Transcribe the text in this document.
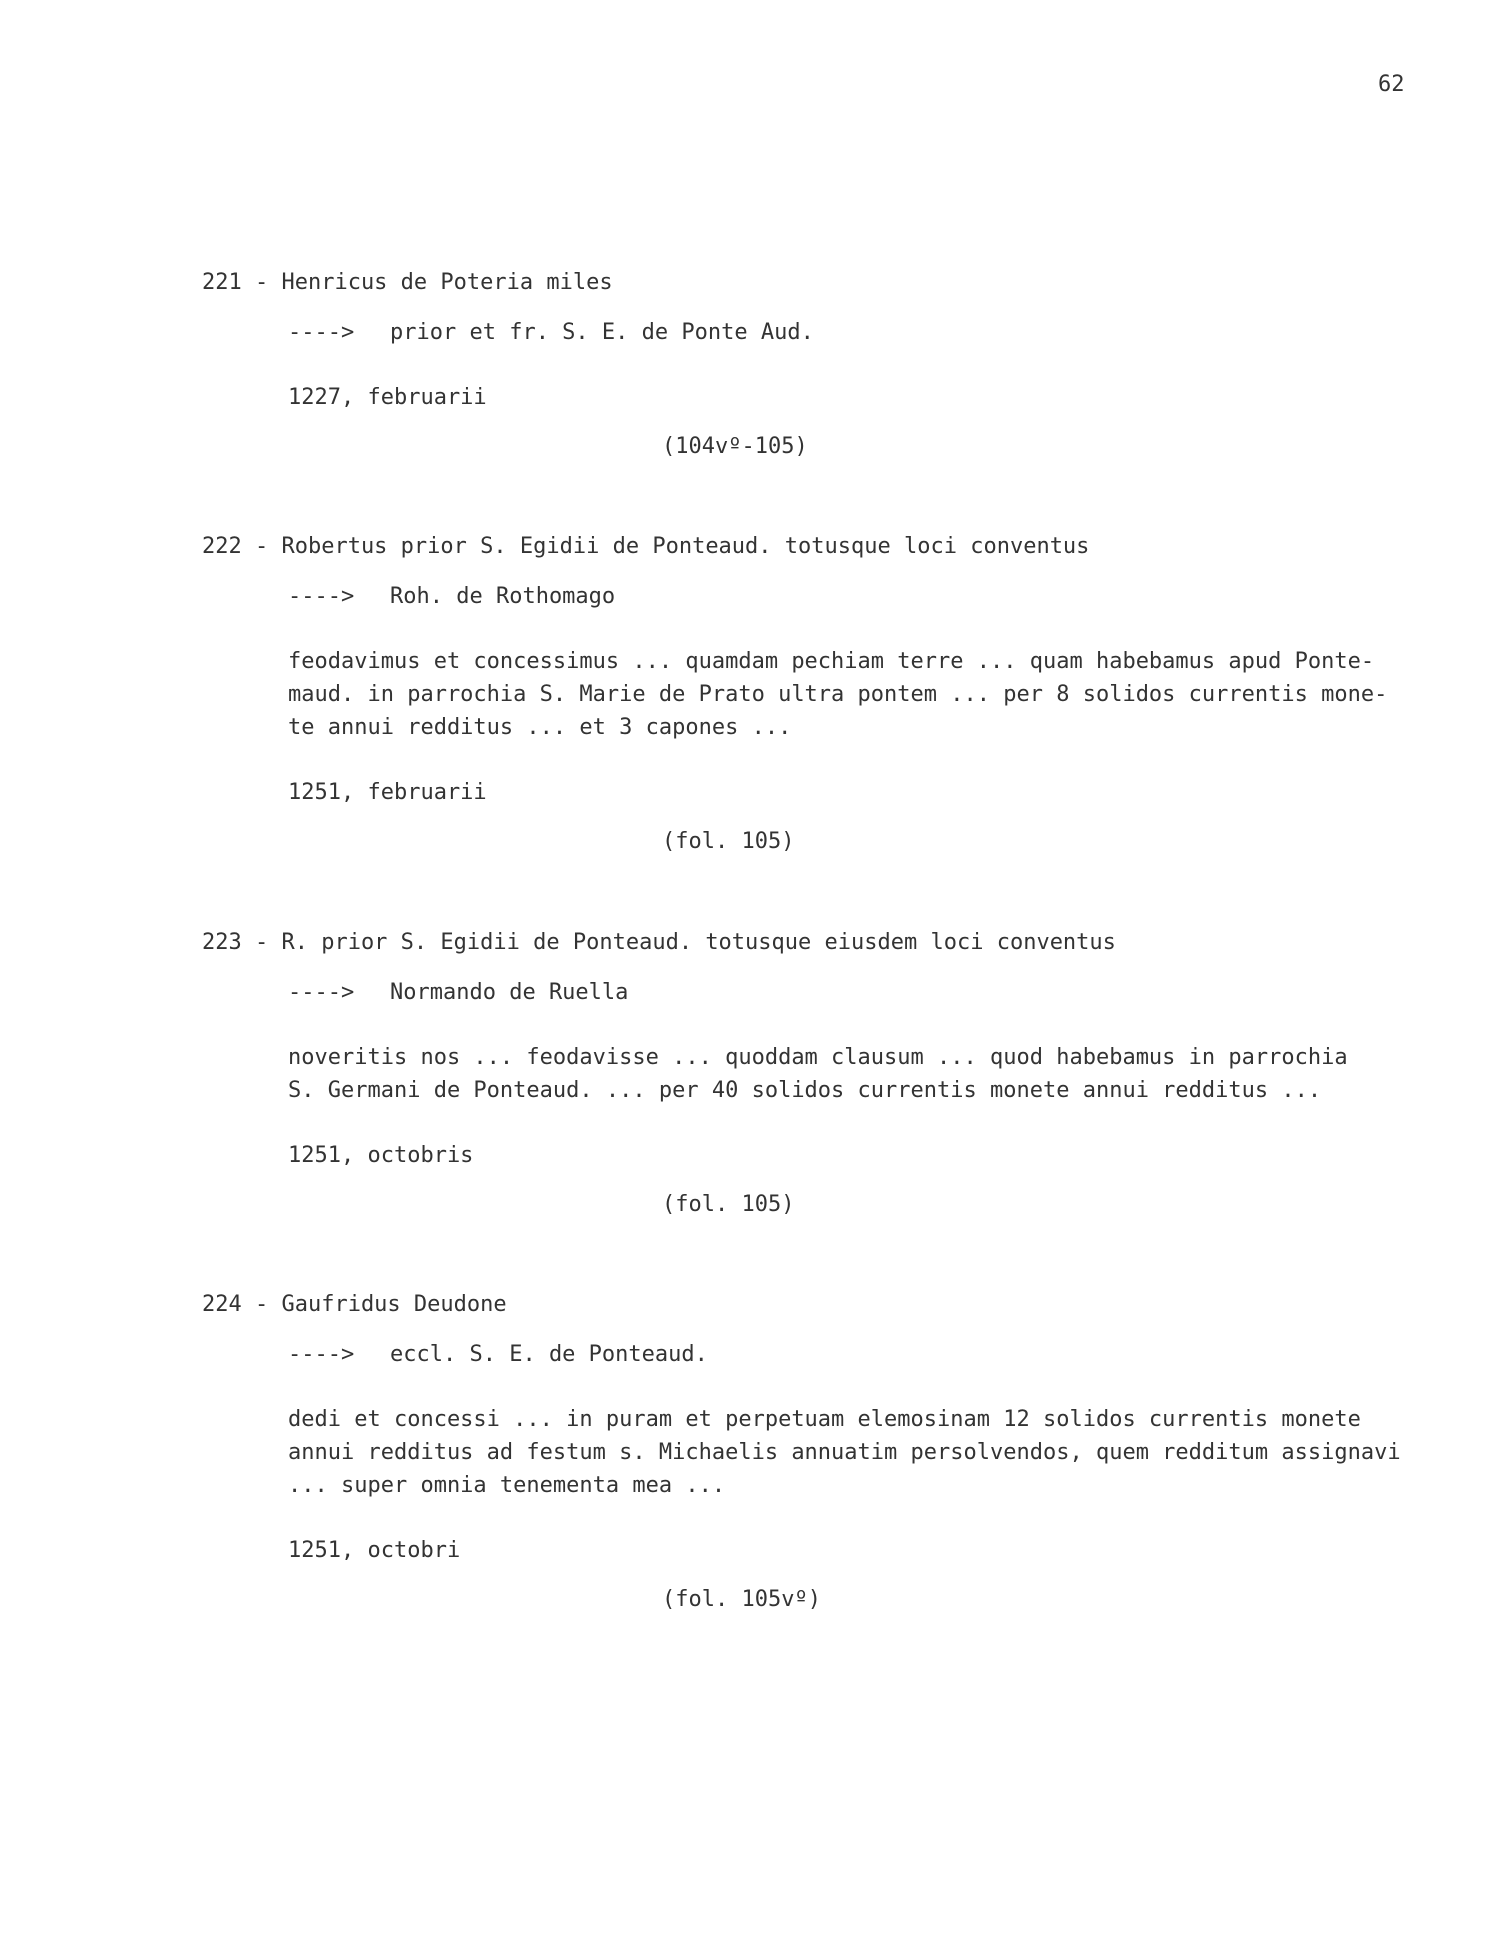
62
221 - Henricus de Poteria miles
----> prior et fr. S. E. de Ponte Aud.
1227, februarii
(104vº-105)
222 - Robertus prior S. Egidii de Ponteaud. totusque loci conventus
----> Roh. de Rothomago
feodavimus et concessimus ... quamdam pechiam terre ... quam habebamus apud Ponte-
maud. in parrochia S. Marie de Prato ultra pontem ... per 8 solidos currentis mone-
te annui redditus ... et 3 capones ...
1251, februarii
(fol. 105)
223 - R. prior S. Egidii de Ponteaud. totusque eiusdem loci conventus
----> Normando de Ruella
noveritis nos ... feodavisse ... quoddam clausum ... quod habebamus in parrochia
S. Germani de Ponteaud. ... per 40 solidos currentis monete annui redditus ...
1251, octobris
(fol. 105)
224 - Gaufridus Deudone
----> eccl. S. E. de Ponteaud.
dedi et concessi ... in puram et perpetuam elemosinam 12 solidos currentis monete
annui redditus ad festum s. Michaelis annuatim persolvendos, quem redditum assignavi
... super omnia tenementa mea ...
1251, octobri
(fol. 105vº)
